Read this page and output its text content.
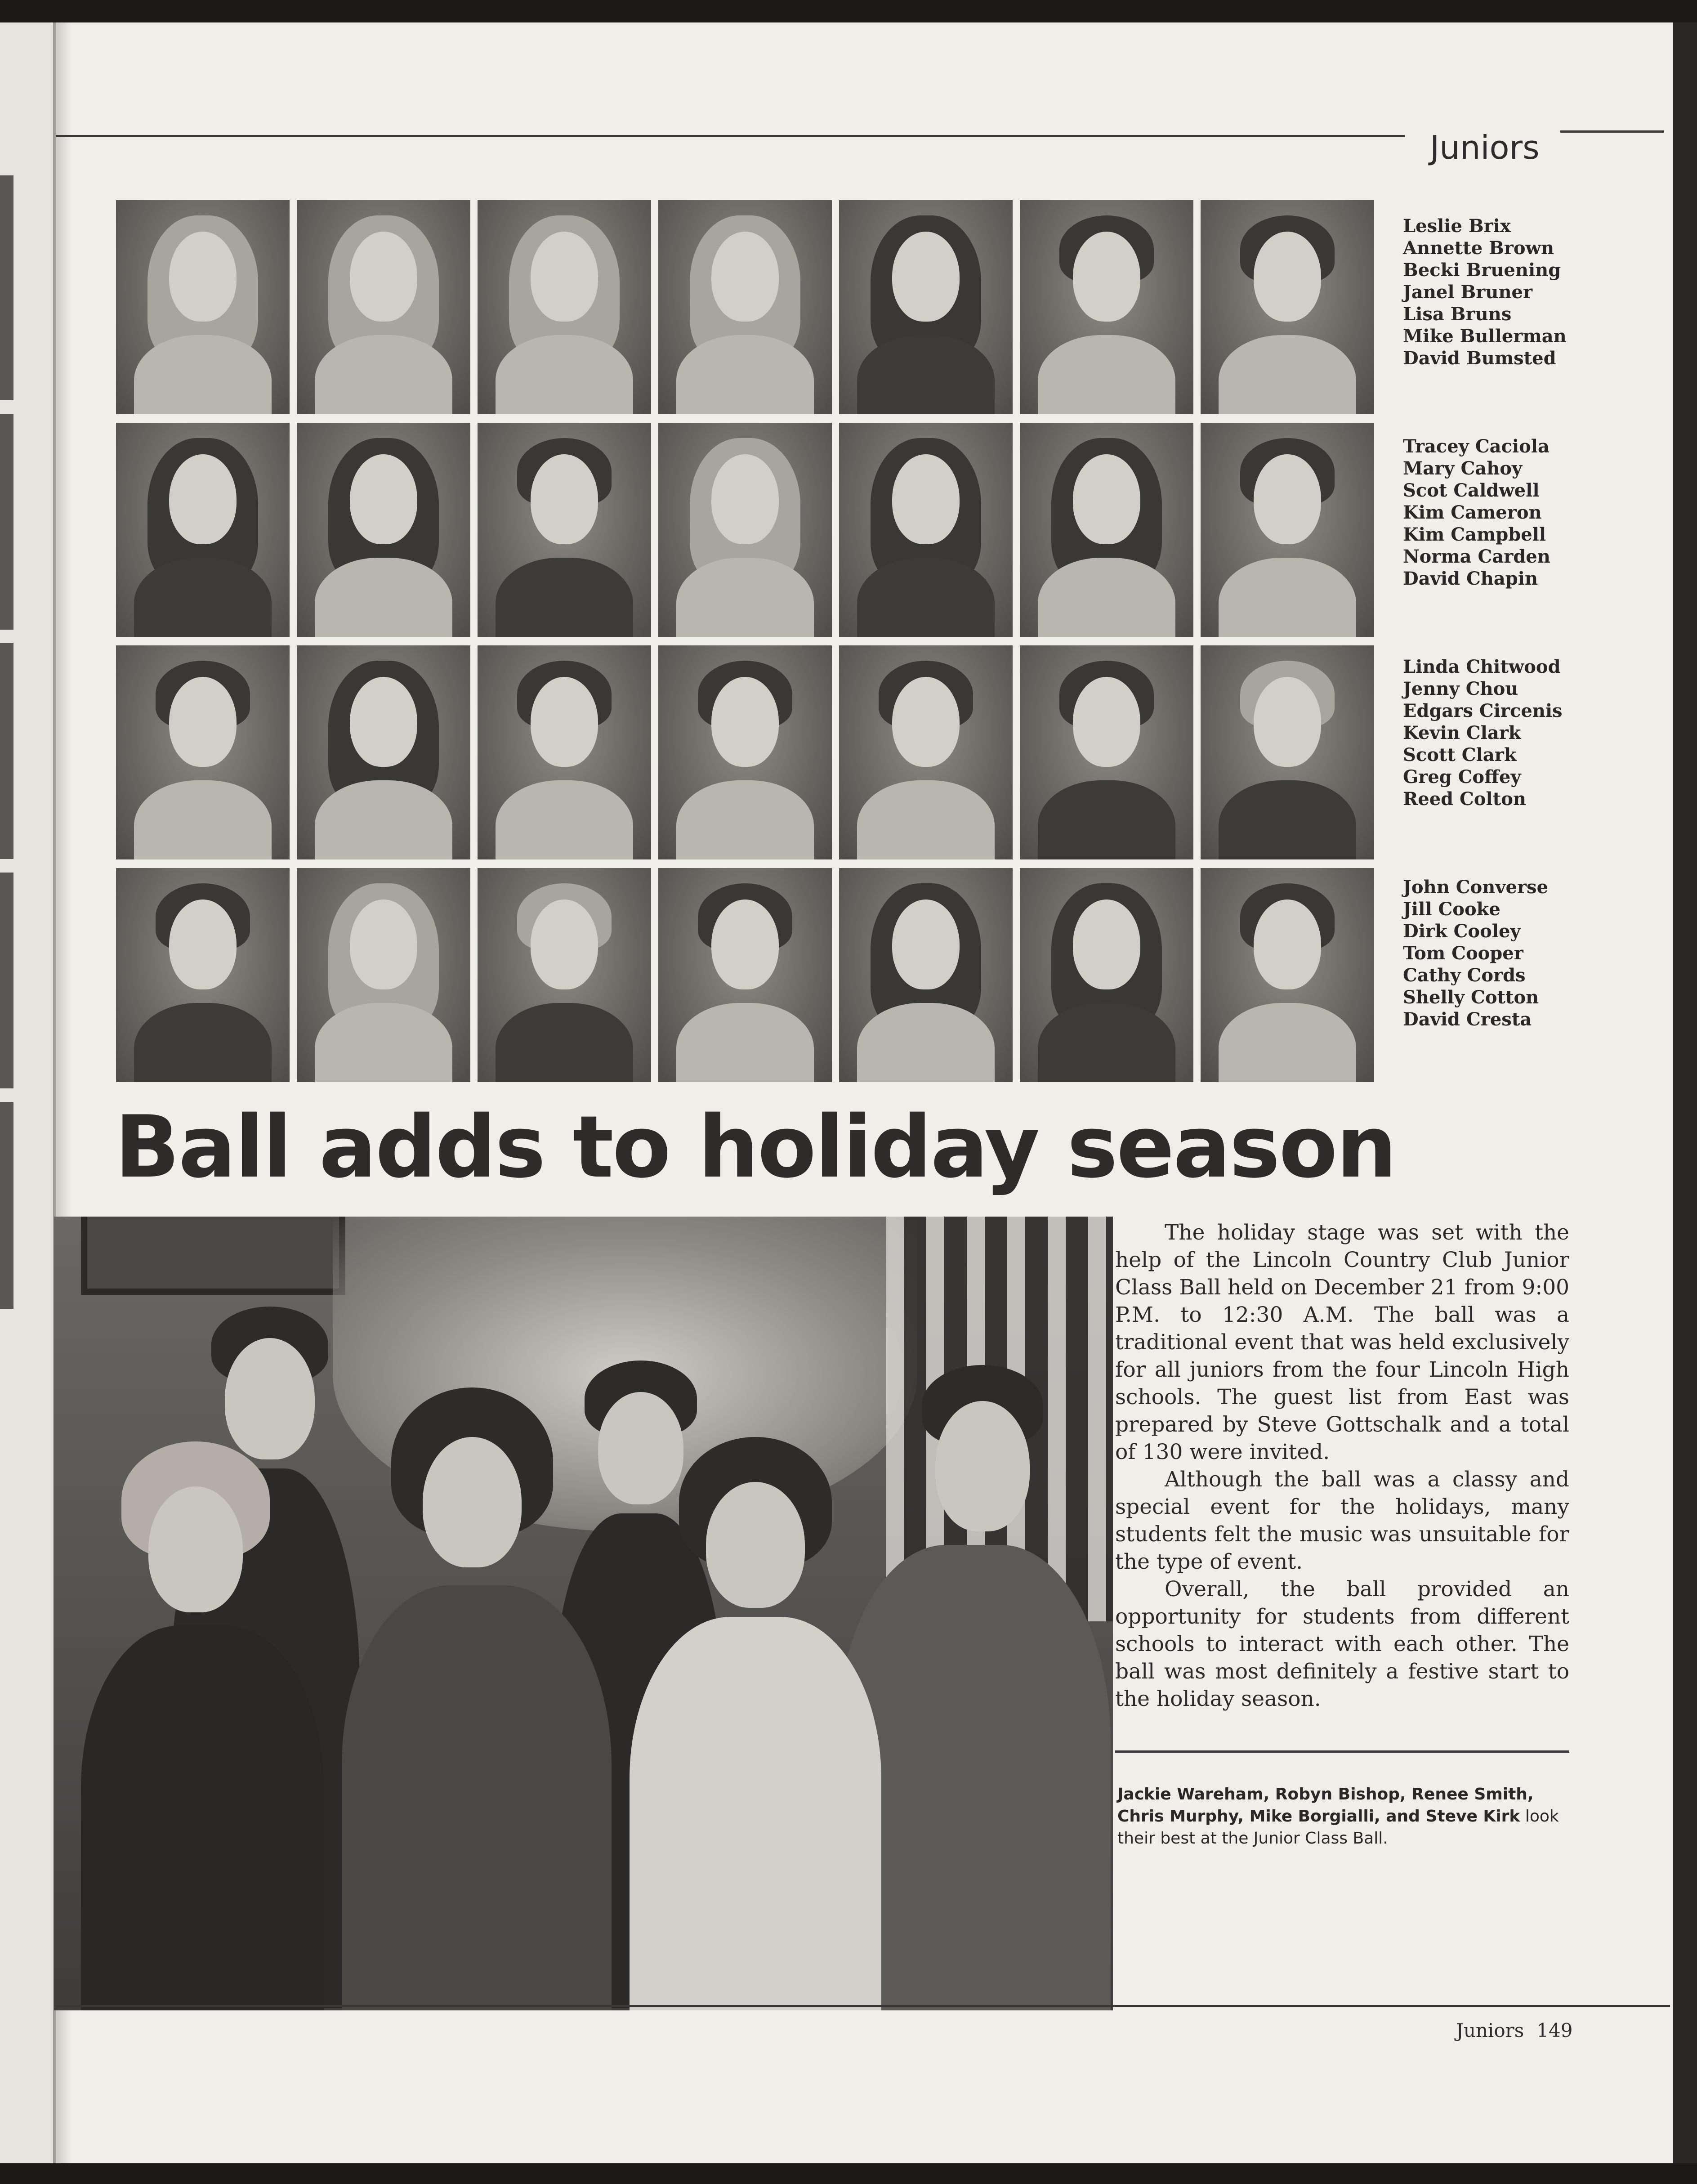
Juniors
Leslie Brix
Annette Brown
Becki Bruening
Janel Bruner
Lisa Bruns
Mike Bullerman
David Bumsted
Tracey Caciola
Mary Cahoy
Scot Caldwell
Kim Cameron
Kim Campbell
Norma Carden
David Chapin
Linda Chitwood
Jenny Chou
Edgars Circenis
Kevin Clark
Scott Clark
Greg Coffey
Reed Colton
John Converse
Jill Cooke
Dirk Cooley
Tom Cooper
Cathy Cords
Shelly Cotton
David Cresta
Ball adds to holiday season

The holiday stage was set with the help of the Lincoln Country Club Junior Class Ball held on December 21 from 9:00 P.M. to 12:30 A.M. The ball was a traditional event that was held exclusively for all juniors from the four Lincoln High schools. The guest list from East was prepared by Steve Gottschalk and a total of 130 were invited.

Although the ball was a classy and special event for the holidays, many students felt the music was unsuitable for the type of event.

Overall, the ball provided an opportunity for students from different schools to interact with each other. The ball was most definitely a festive start to the holiday season.

Jackie Wareham, Robyn Bishop, Renee Smith, Chris Murphy, Mike Borgialli, and Steve Kirk look their best at the Junior Class Ball.
Juniors 149
